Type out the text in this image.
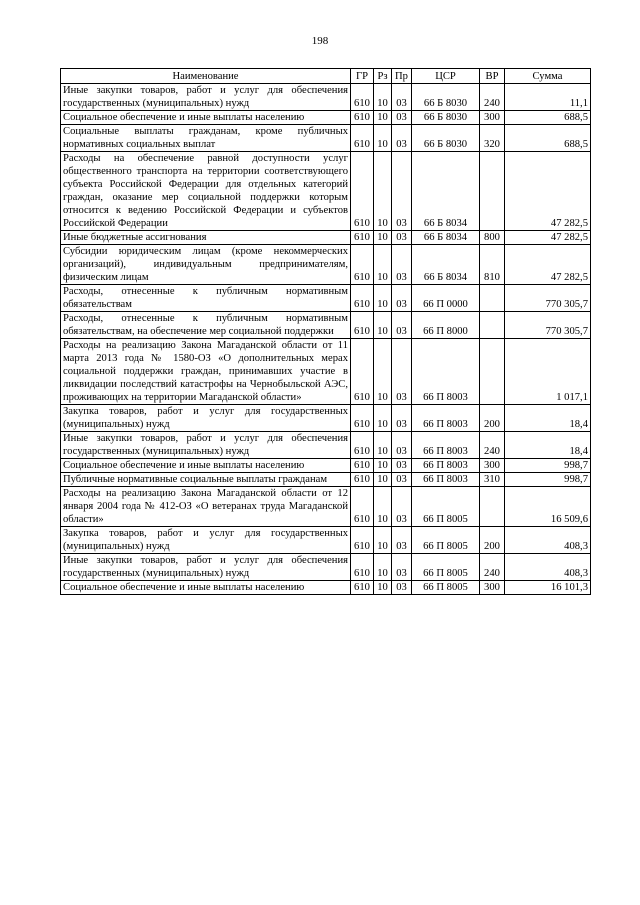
198
Наименование	ГР	Рз	Пр	ЦСР	ВР	Сумма
Иные закупки товаров, работ и услуг для обеспечения государственных (муниципальных) нужд	610	10	03	66 Б 8030	240	11,1
Социальное обеспечение и иные выплаты населению	610	10	03	66 Б 8030	300	688,5
Социальные выплаты гражданам, кроме публичных нормативных социальных выплат	610	10	03	66 Б 8030	320	688,5
Расходы на обеспечение равной доступности услуг общественного транспорта на территории соответствующего субъекта Российской Федерации для отдельных категорий граждан, оказание мер социальной поддержки которым относится к ведению Российской Федерации и субъектов Российской Федерации	610	10	03	66 Б 8034		47 282,5
Иные бюджетные ассигнования	610	10	03	66 Б 8034	800	47 282,5
Субсидии юридическим лицам (кроме некоммерческих организаций), индивидуальным предпринимателям, физическим лицам	610	10	03	66 Б 8034	810	47 282,5
Расходы, отнесенные к публичным нормативным обязательствам	610	10	03	66 П 0000		770 305,7
Расходы, отнесенные к публичным нормативным обязательствам, на обеспечение мер социальной поддержки	610	10	03	66 П 8000		770 305,7
Расходы на реализацию Закона Магаданской области от 11 марта 2013 года № 1580-ОЗ «О дополнительных мерах социальной поддержки граждан, принимавших участие в ликвидации последствий катастрофы на Чернобыльской АЭС, проживающих на территории Магаданской области»	610	10	03	66 П 8003		1 017,1
Закупка товаров, работ и услуг для государственных (муниципальных) нужд	610	10	03	66 П 8003	200	18,4
Иные закупки товаров, работ и услуг для обеспечения государственных (муниципальных) нужд	610	10	03	66 П 8003	240	18,4
Социальное обеспечение и иные выплаты населению	610	10	03	66 П 8003	300	998,7
Публичные нормативные социальные выплаты гражданам	610	10	03	66 П 8003	310	998,7
Расходы на реализацию Закона Магаданской области от 12 января 2004 года № 412-ОЗ «О ветеранах труда Магаданской области»	610	10	03	66 П 8005		16 509,6
Закупка товаров, работ и услуг для государственных (муниципальных) нужд	610	10	03	66 П 8005	200	408,3
Иные закупки товаров, работ и услуг для обеспечения государственных (муниципальных) нужд	610	10	03	66 П 8005	240	408,3
Социальное обеспечение и иные выплаты населению	610	10	03	66 П 8005	300	16 101,3
